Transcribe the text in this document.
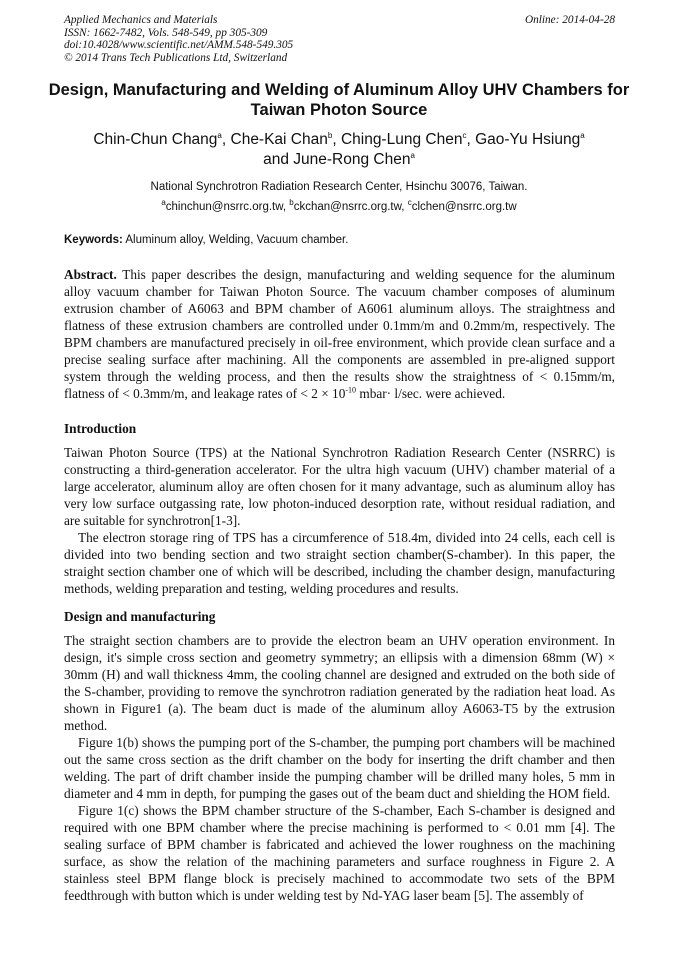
Applied Mechanics and Materials
ISSN: 1662-7482, Vols. 548-549, pp 305-309
doi:10.4028/www.scientific.net/AMM.548-549.305
© 2014 Trans Tech Publications Ltd, Switzerland
Online: 2014-04-28
Design, Manufacturing and Welding of Aluminum Alloy UHV Chambers for Taiwan Photon Source
Chin-Chun Chang$^a$, Che-Kai Chan$^b$, Ching-Lung Chen$^c$, Gao-Yu Hsiung$^a$
and June-Rong Chen$^a$
National Synchrotron Radiation Research Center, Hsinchu 30076, Taiwan.
$^a$chinchun@nsrrc.org.tw, $^b$ckchan@nsrrc.org.tw, $^c$clchen@nsrrc.org.tw
Keywords: Aluminum alloy, Welding, Vacuum chamber.

Abstract. This paper describes the design, manufacturing and welding sequence for the aluminum alloy vacuum chamber for Taiwan Photon Source. The vacuum chamber composes of aluminum extrusion chamber of A6063 and BPM chamber of A6061 aluminum alloys. The straightness and flatness of these extrusion chambers are controlled under 0.1mm/m and 0.2mm/m, respectively. The BPM chambers are manufactured precisely in oil-free environment, which provide clean surface and a precise sealing surface after machining. All the components are assembled in pre-aligned support system through the welding process, and then the results show the straightness of < 0.15mm/m, flatness of < 0.3mm/m, and leakage rates of < $2 \times 10^{-10}$ mbar· l/sec. were achieved.

Introduction

Taiwan Photon Source (TPS) at the National Synchrotron Radiation Research Center (NSRRC) is constructing a third-generation accelerator. For the ultra high vacuum (UHV) chamber material of a large accelerator, aluminum alloy are often chosen for it many advantage, such as aluminum alloy has very low surface outgassing rate, low photon-induced desorption rate, without residual radiation, and are suitable for synchrotron[1-3].

The electron storage ring of TPS has a circumference of 518.4m, divided into 24 cells, each cell is divided into two bending section and two straight section chamber(S-chamber). In this paper, the straight section chamber one of which will be described, including the chamber design, manufacturing methods, welding preparation and testing, welding procedures and results.

Design and manufacturing

The straight section chambers are to provide the electron beam an UHV operation environment. In design, it's simple cross section and geometry symmetry; an ellipsis with a dimension 68mm (W) × 30mm (H) and wall thickness 4mm, the cooling channel are designed and extruded on the both side of the S-chamber, providing to remove the synchrotron radiation generated by the radiation heat load. As shown in Figure1 (a). The beam duct is made of the aluminum alloy A6063-T5 by the extrusion method.

Figure 1(b) shows the pumping port of the S-chamber, the pumping port chambers will be machined out the same cross section as the drift chamber on the body for inserting the drift chamber and then welding. The part of drift chamber inside the pumping chamber will be drilled many holes, 5 mm in diameter and 4 mm in depth, for pumping the gases out of the beam duct and shielding the HOM field.

Figure 1(c) shows the BPM chamber structure of the S-chamber, Each S-chamber is designed and required with one BPM chamber where the precise machining is performed to < 0.01 mm [4]. The sealing surface of BPM chamber is fabricated and achieved the lower roughness on the machining surface, as show the relation of the machining parameters and surface roughness in Figure 2. A stainless steel BPM flange block is precisely machined to accommodate two sets of the BPM feedthrough with button which is under welding test by Nd-YAG laser beam [5]. The assembly of
